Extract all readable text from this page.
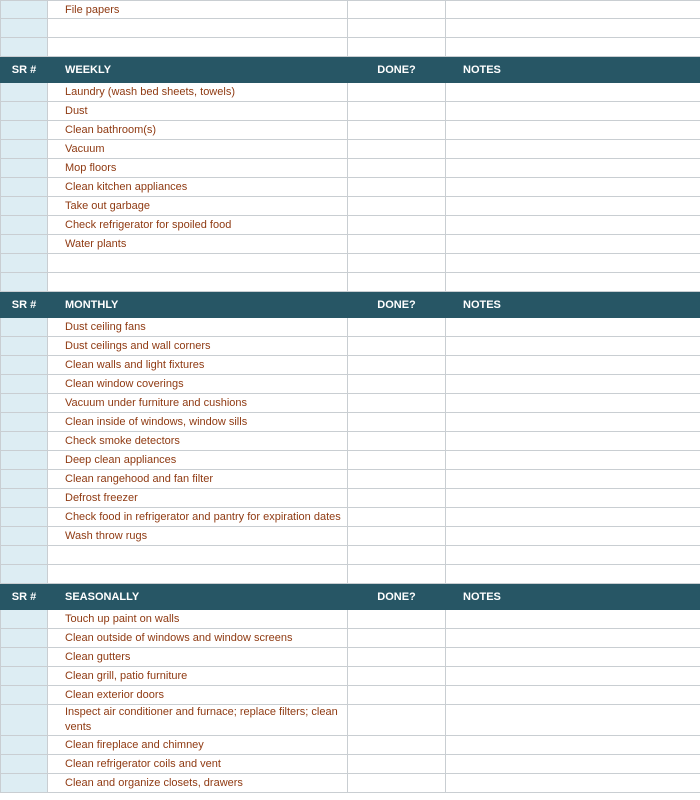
	File papers		

SR #	WEEKLY	DONE?	NOTES
	Laundry (wash bed sheets, towels)		
	Dust		
	Clean bathroom(s)		
	Vacuum		
	Mop floors		
	Clean kitchen appliances		
	Take out garbage		
	Check refrigerator for spoiled food		
	Water plants		

SR #	MONTHLY	DONE?	NOTES
	Dust ceiling fans		
	Dust ceilings and wall corners		
	Clean walls and light fixtures		
	Clean window coverings		
	Vacuum under furniture and cushions		
	Clean inside of windows, window sills		
	Check smoke detectors		
	Deep clean appliances		
	Clean rangehood and fan filter		
	Defrost freezer		
	Check food in refrigerator and pantry for expiration dates		
	Wash throw rugs		

SR #	SEASONALLY	DONE?	NOTES
	Touch up paint on walls		
	Clean outside of windows and window screens		
	Clean gutters		
	Clean grill, patio furniture		
	Clean exterior doors		
	Inspect air conditioner and furnace; replace filters; clean vents		
	Clean fireplace and chimney		
	Clean refrigerator coils and vent		
	Clean and organize closets, drawers		
